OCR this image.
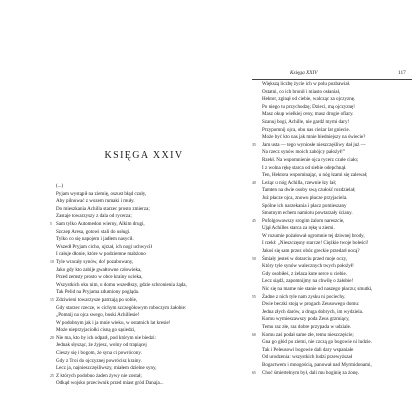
KSIĘGA XXIV
(...)
Pyjam wystąpił na ziemię, oszust błąd czuły,
Aby pilnować z wozem rumaki i muły.
Do mieszkania Achilla starzec prosto zmierza;
Zastaje towarzyszy z dala od rycerza;
5 Sam tylko Automedon wierny, Alkim drugi,
Szczep Aresa, gotowi stali do usługi.
Tylko co się napojem i jadłem nasycił.
Wszedł Pryjam cicho, ujrzał, ich nogi uchwycił
I całuje dłonie, które w podziemne mabżono
10 Tyle wracały synów, do! pozabowany,
Jako gdy kto zabije gwałtowne człowieka,
Przed zemsty prosto w obce krainy ucieka,
Wszystkich oku nim, u domu wszedłszy, gdzie schronienia żąda,
Tak Pelid na Pryjama zdumiony pogląda.
15 Zdziwieni towarzysze patrzają po sobie,
Gdy starzec rzecze, w cichym szczegółowym roboczym żałobie:
„Pomnij na ojca swego, boski Achillesie!
W podobnym jak i ja mnie wieku, w ostatnich lat kresie!
Może nieprzyjaciołki cisną go sąsiedzi,
20 Nie ma, kto by ich odparł, pod którym nie biedzi:
Jednak słysząc, że żyjesz, wolny od trapiącej
Cieszy się i bogom, że syna ci powrócony.
Gdy z Troi do ojczyznej powrócisz krainy.
Lecz ja, najnieszczęśliwszy, miałem dzielne syny,
25 Z których podobno żaden żywy nie został;
Odkąd wojsko przeciwnik przed miast gród Danaja...
Księga XXIV	117
Większą liczbę życie ich w polu pozbawiał.
Ostatni, co ich bronił i miasto osłaniał,
Hektor, zginął od ciebie, walcząc za ojczyznę.
Po niego tu przychodzę; Dzieci, mą ojczyznę!
Masz okup wielkiej ceny, masz drogie ofiary.
Szanuj bogi, Achille, nie gardź mymi dary!
Przypomnij ojca, obu nas cieżar lat gniecie.
Może być kto nas jak mnie biedniejszy na świecie?
35 Jam usta — tego wyniosłe nieszczęśliwy dał już —
Na rzecz synów moich zabójcy pałożył!”
Rzekł. Na wspomnienie ojca rycerz czułe ciało;
I z wolna rękę starca od siebie odepchnął.
Ten, Hektora wspominając, u nóg łzami się zalewał;
40 Leżąc u nóg Achilla, rzewnie łzy lał;
Tamten na dwie osoby swą czułość rozdzielał;
Już płacze ojca, znowu płacze przyjaciela.
Spólne ich narzekania i płacz pomieszany
Smutnym echem namiotu powtarzały ściany.
45 Pofolgowawszy srogim żalom nareszcie,
Ujął Achilles starca za rękę u ziemi.
W rozumie pożałował ogromnie tej dziwnej brody,
I rzekł: „Nieszczęsny starcze! Ciężkie twoje boleści!
Jakoś się sam przez obóz greckie przedarł nocą?
50 Śmiały jesteś w dotarciu przed moje oczy,
Który tyle synów walecznych twych położył!
Gdy osobiłeś, z żelaza kute serce u ciebie.
Lecz siądź, zapomnijmy na chwilę o żałobie!
Nic się na marne nie stanie od naszego płaczu; smutki,
55 Żadne z nich tyle nam zysku ni pociechy.
Dwie beczki stoją w progach Zeusowego domu:
Jedna złych darów, a druga dobrych, im wydziela.
Komu wymieszawszy poda Zeus grzmiący,
Temu raz złe, raz dobre przypada w udziale.
60 Komu zaś podał same złe, temu nieszczęście;
Gna go głód po ziemi, nie czczą go bogowie ni ludzie.
Tak i Peleusowi bogowie dali dary wspaniałe
Od urodzenia: wszystkich ludzi przewyższał
Bogactwem i mnogością, panował nad Myrmidonami,
65 Choć śmiertelnym był, dali mu boginię za żonę.
